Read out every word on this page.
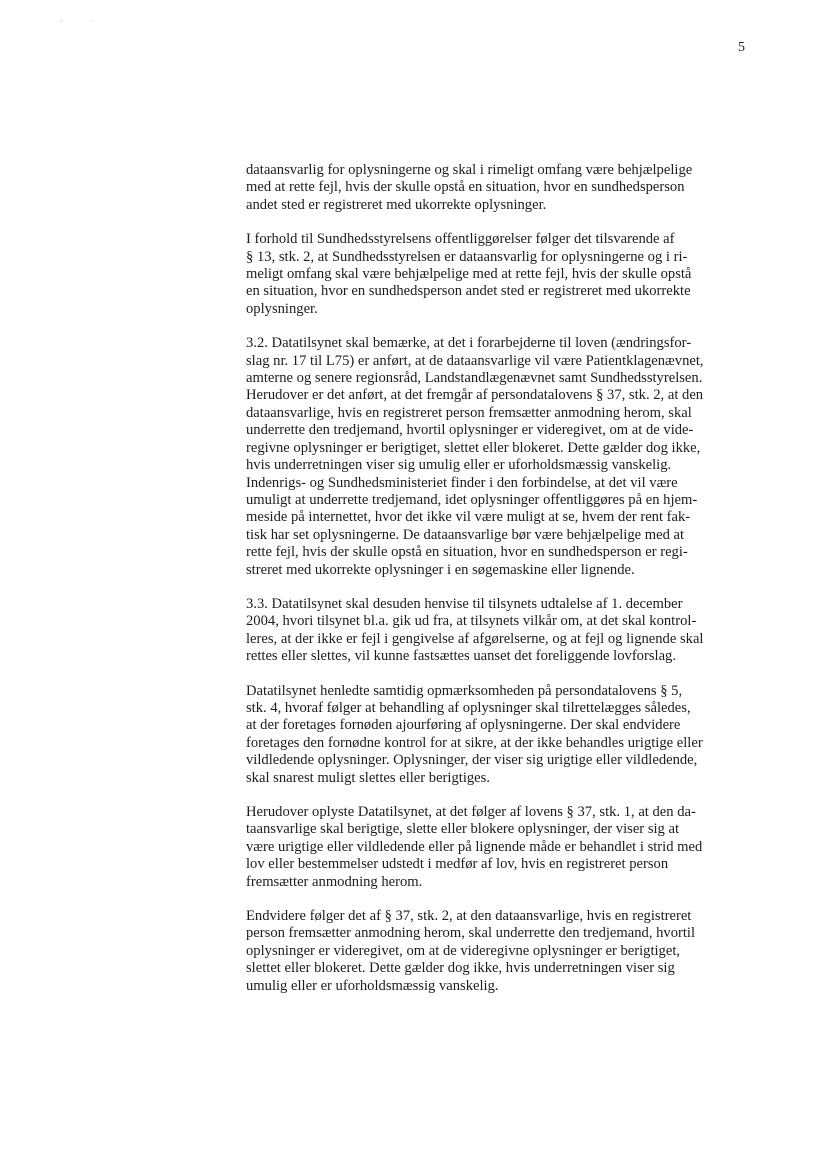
··
5
dataansvarlig for oplysningerne og skal i rimeligt omfang være behjælpelige
med at rette fejl, hvis der skulle opstå en situation, hvor en sundhedsperson
andet sted er registreret med ukorrekte oplysninger.
I forhold til Sundhedsstyrelsens offentliggørelser følger det tilsvarende af
§ 13, stk. 2, at Sundhedsstyrelsen er dataansvarlig for oplysningerne og i ri-
meligt omfang skal være behjælpelige med at rette fejl, hvis der skulle opstå
en situation, hvor en sundhedsperson andet sted er registreret med ukorrekte
oplysninger.
3.2. Datatilsynet skal bemærke, at det i forarbejderne til loven (ændringsfor-
slag nr. 17 til L75) er anført, at de dataansvarlige vil være Patientklagenævnet,
amterne og senere regionsråd, Landstandlægenævnet samt Sundhedsstyrelsen.
Herudover er det anført, at det fremgår af persondatalovens § 37, stk. 2, at den
dataansvarlige, hvis en registreret person fremsætter anmodning herom, skal
underrette den tredjemand, hvortil oplysninger er videregivet, om at de vide-
regivne oplysninger er berigtiget, slettet eller blokeret. Dette gælder dog ikke,
hvis underretningen viser sig umulig eller er uforholdsmæssig vanskelig.
Indenrigs- og Sundhedsministeriet finder i den forbindelse, at det vil være
umuligt at underrette tredjemand, idet oplysninger offentliggøres på en hjem-
meside på internettet, hvor det ikke vil være muligt at se, hvem der rent fak-
tisk har set oplysningerne. De dataansvarlige bør være behjælpelige med at
rette fejl, hvis der skulle opstå en situation, hvor en sundhedsperson er regi-
streret med ukorrekte oplysninger i en søgemaskine eller lignende.
3.3. Datatilsynet skal desuden henvise til tilsynets udtalelse af 1. december
2004, hvori tilsynet bl.a. gik ud fra, at tilsynets vilkår om, at det skal kontrol-
leres, at der ikke er fejl i gengivelse af afgørelserne, og at fejl og lignende skal
rettes eller slettes, vil kunne fastsættes uanset det foreliggende lovforslag.
Datatilsynet henledte samtidig opmærksomheden på persondatalovens § 5,
stk. 4, hvoraf følger at behandling af oplysninger skal tilrettelægges således,
at der foretages fornøden ajourføring af oplysningerne. Der skal endvidere
foretages den fornødne kontrol for at sikre, at der ikke behandles urigtige eller
vildledende oplysninger. Oplysninger, der viser sig urigtige eller vildledende,
skal snarest muligt slettes eller berigtiges.
Herudover oplyste Datatilsynet, at det følger af lovens § 37, stk. 1, at den da-
taansvarlige skal berigtige, slette eller blokere oplysninger, der viser sig at
være urigtige eller vildledende eller på lignende måde er behandlet i strid med
lov eller bestemmelser udstedt i medfør af lov, hvis en registreret person
fremsætter anmodning herom.
Endvidere følger det af § 37, stk. 2, at den dataansvarlige, hvis en registreret
person fremsætter anmodning herom, skal underrette den tredjemand, hvortil
oplysninger er videregivet, om at de videregivne oplysninger er berigtiget,
slettet eller blokeret. Dette gælder dog ikke, hvis underretningen viser sig
umulig eller er uforholdsmæssig vanskelig.
